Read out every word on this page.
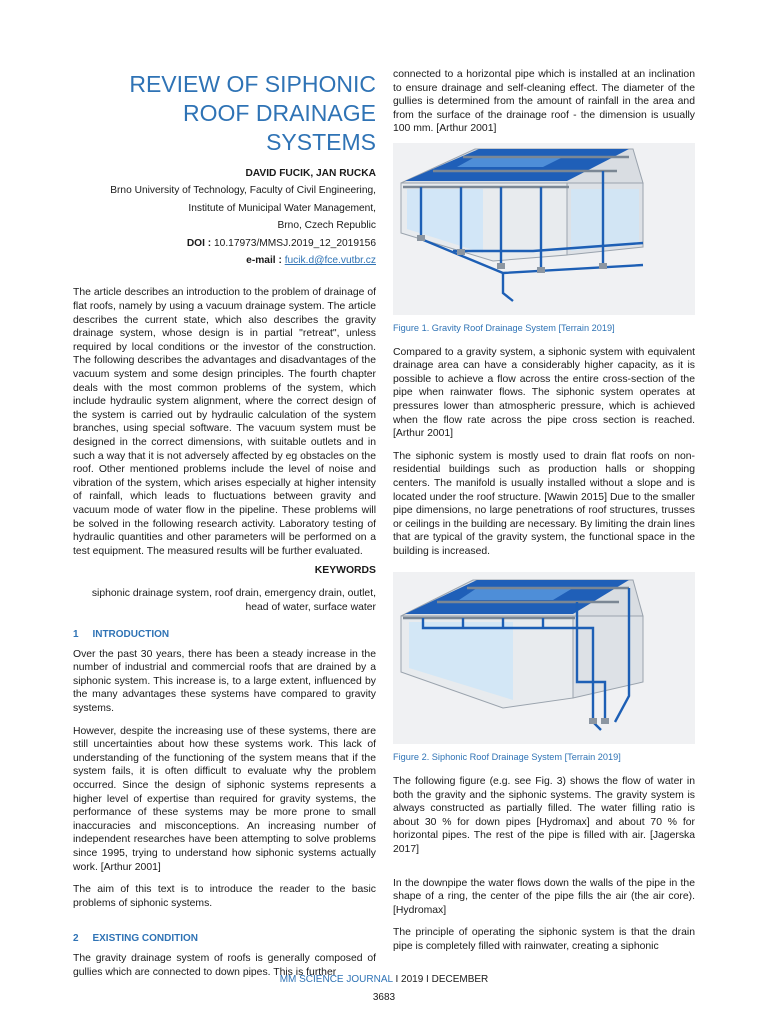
REVIEW OF SIPHONIC ROOF DRAINAGE SYSTEMS
DAVID FUCIK, JAN RUCKA
Brno University of Technology, Faculty of Civil Engineering,
Institute of Municipal Water Management,
Brno, Czech Republic
DOI : 10.17973/MMSJ.2019_12_2019156
e-mail : fucik.d@fce.vutbr.cz

The article describes an introduction to the problem of drainage of flat roofs, namely by using a vacuum drainage system. The article describes the current state, which also describes the gravity drainage system, whose design is in partial "retreat", unless required by local conditions or the investor of the construction. The following describes the advantages and disadvantages of the vacuum system and some design principles. The fourth chapter deals with the most common problems of the system, which include hydraulic system alignment, where the correct design of the system is carried out by hydraulic calculation of the system branches, using special software. The vacuum system must be designed in the correct dimensions, with suitable outlets and in such a way that it is not adversely affected by eg obstacles on the roof. Other mentioned problems include the level of noise and vibration of the system, which arises especially at higher intensity of rainfall, which leads to fluctuations between gravity and vacuum mode of water flow in the pipeline. These problems will be solved in the following research activity. Laboratory testing of hydraulic quantities and other parameters will be performed on a test equipment. The measured results will be further evaluated.

KEYWORDS
siphonic drainage system, roof drain, emergency drain, outlet, head of water, surface water
1     INTRODUCTION

Over the past 30 years, there has been a steady increase in the number of industrial and commercial roofs that are drained by a siphonic system. This increase is, to a large extent, influenced by the many advantages these systems have compared to gravity systems.

However, despite the increasing use of these systems, there are still uncertainties about how these systems work. This lack of understanding of the functioning of the system means that if the system fails, it is often difficult to evaluate why the problem occurred. Since the design of siphonic systems represents a higher level of expertise than required for gravity systems, the performance of these systems may be more prone to small inaccuracies and misconceptions. An increasing number of independent researches have been attempting to solve problems since 1995, trying to understand how siphonic systems actually work. [Arthur 2001]

The aim of this text is to introduce the reader to the basic problems of siphonic systems.

2     EXISTING CONDITION

The gravity drainage system of roofs is generally composed of gullies which are connected to down pipes. This is further

connected to a horizontal pipe which is installed at an inclination to ensure drainage and self-cleaning effect. The diameter of the gullies is determined from the amount of rainfall in the area and from the surface of the drainage roof - the dimension is usually 100 mm. [Arthur 2001]

Figure 1. Gravity Roof Drainage System [Terrain 2019]

Compared to a gravity system, a siphonic system with equivalent drainage area can have a considerably higher capacity, as it is possible to achieve a flow across the entire cross-section of the pipe when rainwater flows. The siphonic system operates at pressures lower than atmospheric pressure, which is achieved when the flow rate across the pipe cross section is reached. [Arthur 2001]

The siphonic system is mostly used to drain flat roofs on non-residential buildings such as production halls or shopping centers. The manifold is usually installed without a slope and is located under the roof structure. [Wawin 2015] Due to the smaller pipe dimensions, no large penetrations of roof structures, trusses or ceilings in the building are necessary. By limiting the drain lines that are typical of the gravity system, the functional space in the building is increased.

Figure 2. Siphonic Roof Drainage System [Terrain 2019]

The following figure (e.g. see Fig. 3) shows the flow of water in both the gravity and the siphonic systems. The gravity system is always constructed as partially filled. The water filling ratio is about 30 % for down pipes [Hydromax] and about 70 % for horizontal pipes. The rest of the pipe is filled with air. [Jagerska 2017]

In the downpipe the water flows down the walls of the pipe in the shape of a ring, the center of the pipe fills the air (the air core). [Hydromax]

The principle of operating the siphonic system is that the drain pipe is completely filled with rainwater, creating a siphonic

MM SCIENCE JOURNAL I 2019 I DECEMBER
3683
